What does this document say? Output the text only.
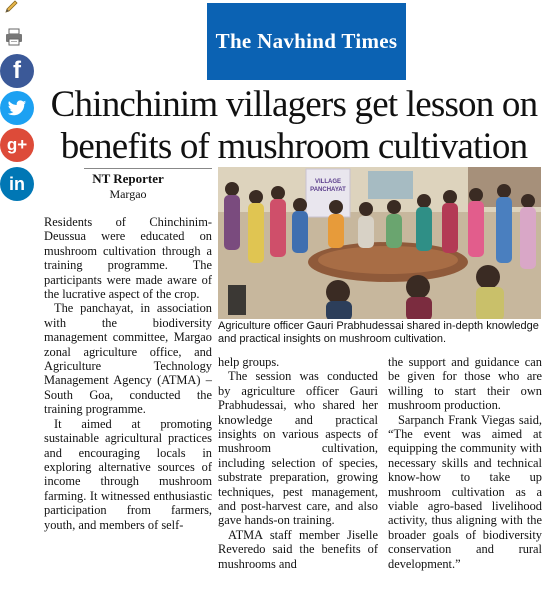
f
g+
in
The Navhind Times
Chinchinim villagers get lesson on benefits of mushroom cultivation
NT Reporter
Margao

Residents of Chinchinim-Deussua were educated on mushroom cultivation through a training programme. The participants were made aware of the lucrative aspect of the crop.

The panchayat, in association with the biodiversity management committee, Margao zonal agriculture office, and Agriculture Technology Management Agency (ATMA) – South Goa, conducted the training programme.

It aimed at promoting sustainable agricultural practices and encouraging locals in exploring alternative sources of income through mushroom farming. It witnessed enthusiastic participation from farmers, youth, and members of self-

VILLAGE
PANCHAYAT
Agriculture officer Gauri Prabhudessai shared in-depth knowledge and practical insights on mushroom cultivation.

help groups.

The session was conducted by agriculture officer Gauri Prabhudessai, who shared her knowledge and practical insights on various aspects of mushroom cultivation, including selection of species, substrate preparation, growing techniques, pest management, and post-harvest care, and also gave hands-on training.

ATMA staff member Jiselle Reveredo said the benefits of mushrooms and

the support and guidance can be given for those who are willing to start their own mushroom production.

Sarpanch Frank Viegas said, “The event was aimed at equipping the community with necessary skills and technical know-how to take up mushroom cultivation as a viable agro-based livelihood activity, thus aligning with the broader goals of biodiversity conservation and rural development.”
